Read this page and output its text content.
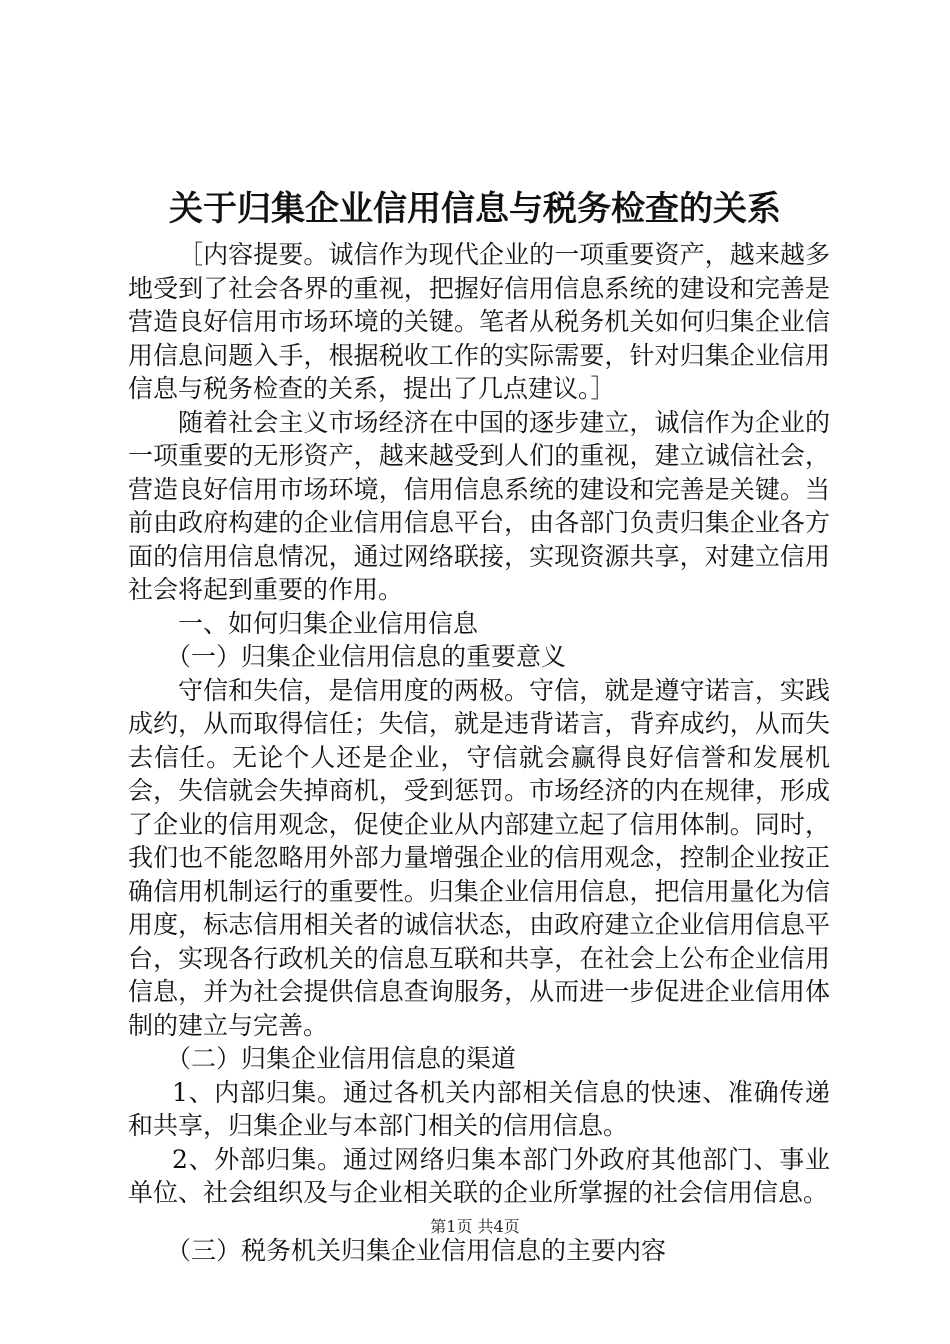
关于归集企业信用信息与税务检查的关系

［内容提要。诚信作为现代企业的一项重要资产，越来越多地受到了社会各界的重视，把握好信用信息系统的建设和完善是营造良好信用市场环境的关键。笔者从税务机关如何归集企业信用信息问题入手，根据税收工作的实际需要，针对归集企业信用信息与税务检查的关系，提出了几点建议。］

随着社会主义市场经济在中国的逐步建立，诚信作为企业的一项重要的无形资产，越来越受到人们的重视，建立诚信社会，营造良好信用市场环境，信用信息系统的建设和完善是关键。当前由政府构建的企业信用信息平台，由各部门负责归集企业各方面的信用信息情况，通过网络联接，实现资源共享，对建立信用社会将起到重要的作用。

一、如何归集企业信用信息

（一）归集企业信用信息的重要意义

守信和失信，是信用度的两极。守信，就是遵守诺言，实践成约，从而取得信任；失信，就是违背诺言，背弃成约，从而失去信任。无论个人还是企业，守信就会赢得良好信誉和发展机会，失信就会失掉商机，受到惩罚。市场经济的内在规律，形成了企业的信用观念，促使企业从内部建立起了信用体制。同时，我们也不能忽略用外部力量增强企业的信用观念，控制企业按正确信用机制运行的重要性。归集企业信用信息，把信用量化为信用度，标志信用相关者的诚信状态，由政府建立企业信用信息平台，实现各行政机关的信息互联和共享，在社会上公布企业信用信息，并为社会提供信息查询服务，从而进一步促进企业信用体制的建立与完善。

（二）归集企业信用信息的渠道

1、内部归集。通过各机关内部相关信息的快速、准确传递和共享，归集企业与本部门相关的信用信息。

2、外部归集。通过网络归集本部门外政府其他部门、事业单位、社会组织及与企业相关联的企业所掌握的社会信用信息。

（三）税务机关归集企业信用信息的主要内容

第1页 共4页
